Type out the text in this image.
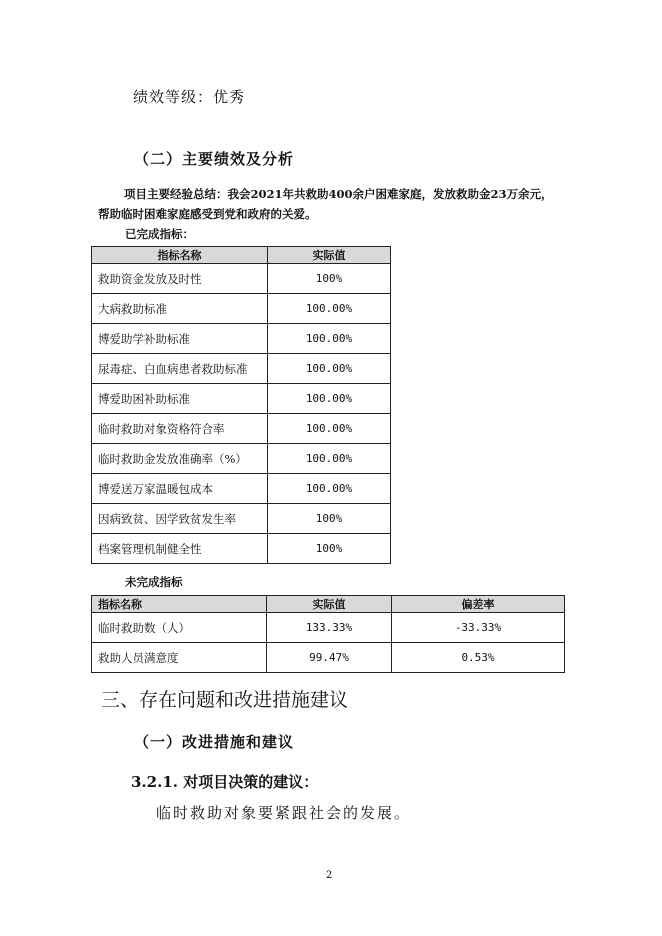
绩效等级：优秀
（二）主要绩效及分析
项目主要经验总结：我会2021年共救助400余户困难家庭，发放救助金23万余元，
帮助临时困难家庭感受到党和政府的关爱。
已完成指标：
指标名称	实际值
救助资金发放及时性	100%
大病救助标准	100.00%
博爱助学补助标准	100.00%
尿毒症、白血病患者救助标准	100.00%
博爱助困补助标准	100.00%
临时救助对象资格符合率	100.00%
临时救助金发放准确率（%）	100.00%
博爱送万家温暖包成本	100.00%
因病致贫、因学致贫发生率	100%
档案管理机制健全性	100%
未完成指标
指标名称	实际值	偏差率
临时救助数（人）	133.33%	-33.33%
救助人员满意度	99.47%	0.53%
三、存在问题和改进措施建议
（一）改进措施和建议
3.2.1. 对项目决策的建议：
临时救助对象要紧跟社会的发展。
2
